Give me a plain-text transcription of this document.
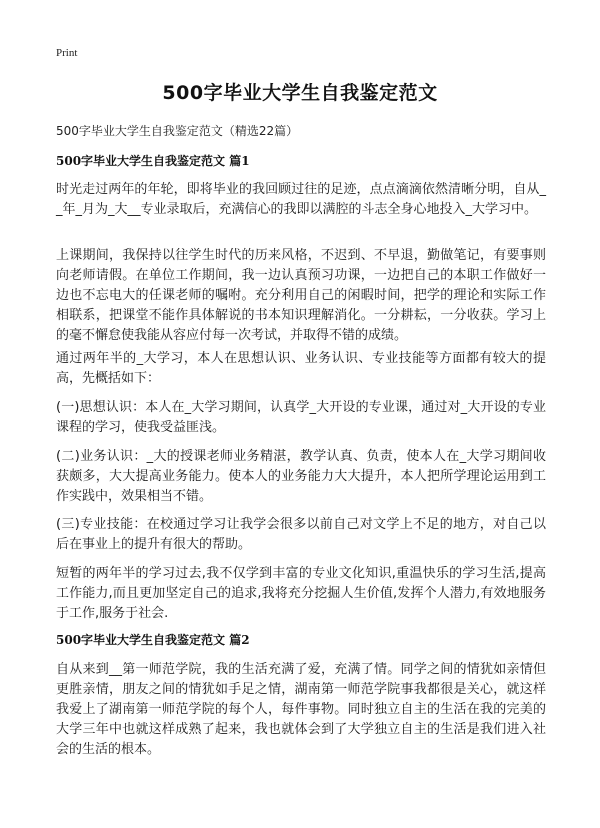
Print
500字毕业大学生自我鉴定范文
500字毕业大学生自我鉴定范文（精选22篇）
500字毕业大学生自我鉴定范文 篇1
时光走过两年的年轮，即将毕业的我回顾过往的足迹，点点滴滴依然清晰分明，自从__年_月为_大__专业录取后，充满信心的我即以满腔的斗志全身心地投入_大学习中。
上课期间，我保持以往学生时代的历来风格，不迟到、不早退，勤做笔记，有要事则向老师请假。在单位工作期间，我一边认真预习功课，一边把自己的本职工作做好一边也不忘电大的任课老师的嘱咐。充分利用自己的闲暇时间，把学的理论和实际工作相联系，把课堂不能作具体解说的书本知识理解消化。一分耕耘，一分收获。学习上的毫不懈怠使我能从容应付每一次考试，并取得不错的成绩。
通过两年半的_大学习，本人在思想认识、业务认识、专业技能等方面都有较大的提高，先概括如下：
(一)思想认识：本人在_大学习期间，认真学_大开设的专业课，通过对_大开设的专业课程的学习，使我受益匪浅。
(二)业务认识：_大的授课老师业务精湛，教学认真、负责，使本人在_大学习期间收获颇多，大大提高业务能力。使本人的业务能力大大提升，本人把所学理论运用到工作实践中，效果相当不错。
(三)专业技能：在校通过学习让我学会很多以前自己对文学上不足的地方，对自己以后在事业上的提升有很大的帮助。
短暂的两年半的学习过去,我不仅学到丰富的专业文化知识,重温快乐的学习生活,提高工作能力,而且更加坚定自己的追求,我将充分挖掘人生价值,发挥个人潜力,有效地服务于工作,服务于社会.
500字毕业大学生自我鉴定范文 篇2
自从来到__第一师范学院，我的生活充满了爱，充满了情。同学之间的情犹如亲情但更胜亲情，朋友之间的情犹如手足之情，湖南第一师范学院事我都很是关心，就这样我爱上了湖南第一师范学院的每个人，每件事物。同时独立自主的生活在我的完美的大学三年中也就这样成熟了起来，我也就体会到了大学独立自主的生活是我们进入社会的生活的根本。
